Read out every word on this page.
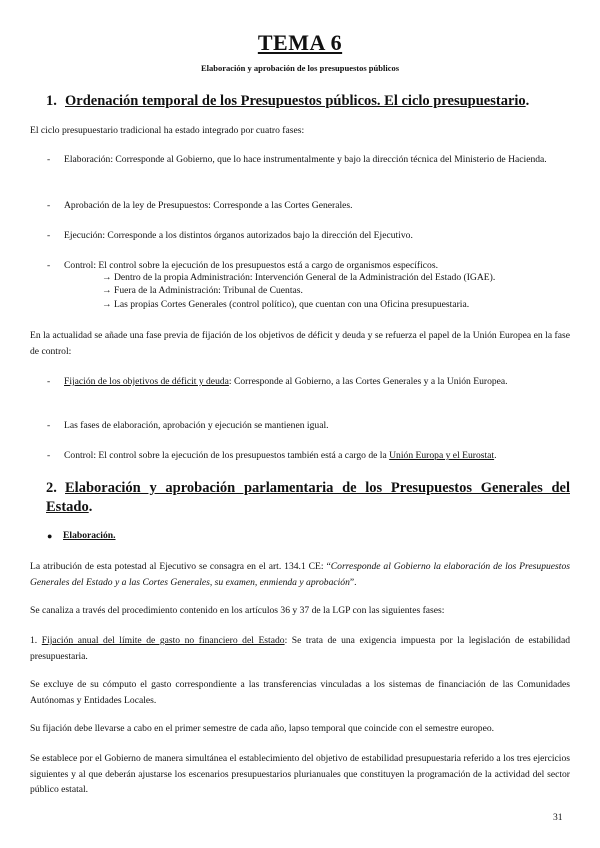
TEMA 6
Elaboración y aprobación de los presupuestos públicos
1. Ordenación temporal de los Presupuestos públicos. El ciclo presupuestario.
El ciclo presupuestario tradicional ha estado integrado por cuatro fases:
-	Elaboración: Corresponde al Gobierno, que lo hace instrumentalmente y bajo la dirección técnica del Ministerio de Hacienda.
-	Aprobación de la ley de Presupuestos: Corresponde a las Cortes Generales.
-	Ejecución: Corresponde a los distintos órganos autorizados bajo la dirección del Ejecutivo.
-	Control: El control sobre la ejecución de los presupuestos está a cargo de organismos específicos.
→ Dentro de la propia Administración: Intervención General de la Administración del Estado (IGAE).
→ Fuera de la Administración: Tribunal de Cuentas.
→ Las propias Cortes Generales (control político), que cuentan con una Oficina presupuestaria.
En la actualidad se añade una fase previa de fijación de los objetivos de déficit y deuda y se refuerza el papel de la Unión Europea en la fase de control:
-	Fijación de los objetivos de déficit y deuda: Corresponde al Gobierno, a las Cortes Generales y a la Unión Europea.
-	Las fases de elaboración, aprobación y ejecución se mantienen igual.
-	Control: El control sobre la ejecución de los presupuestos también está a cargo de la Unión Europa y el Eurostat.
2. Elaboración y aprobación parlamentaria de los Presupuestos Generales del Estado.
● Elaboración.
La atribución de esta potestad al Ejecutivo se consagra en el art. 134.1 CE: “Corresponde al Gobierno la elaboración de los Presupuestos Generales del Estado y a las Cortes Generales, su examen, enmienda y aprobación”.
Se canaliza a través del procedimiento contenido en los artículos 36 y 37 de la LGP con las siguientes fases:
1. Fijación anual del límite de gasto no financiero del Estado: Se trata de una exigencia impuesta por la legislación de estabilidad presupuestaria.
Se excluye de su cómputo el gasto correspondiente a las transferencias vinculadas a los sistemas de financiación de las Comunidades Autónomas y Entidades Locales.
Su fijación debe llevarse a cabo en el primer semestre de cada año, lapso temporal que coincide con el semestre europeo.
Se establece por el Gobierno de manera simultánea el establecimiento del objetivo de estabilidad presupuestaria referido a los tres ejercicios siguientes y al que deberán ajustarse los escenarios presupuestarios plurianuales que constituyen la programación de la actividad del sector público estatal.
31
